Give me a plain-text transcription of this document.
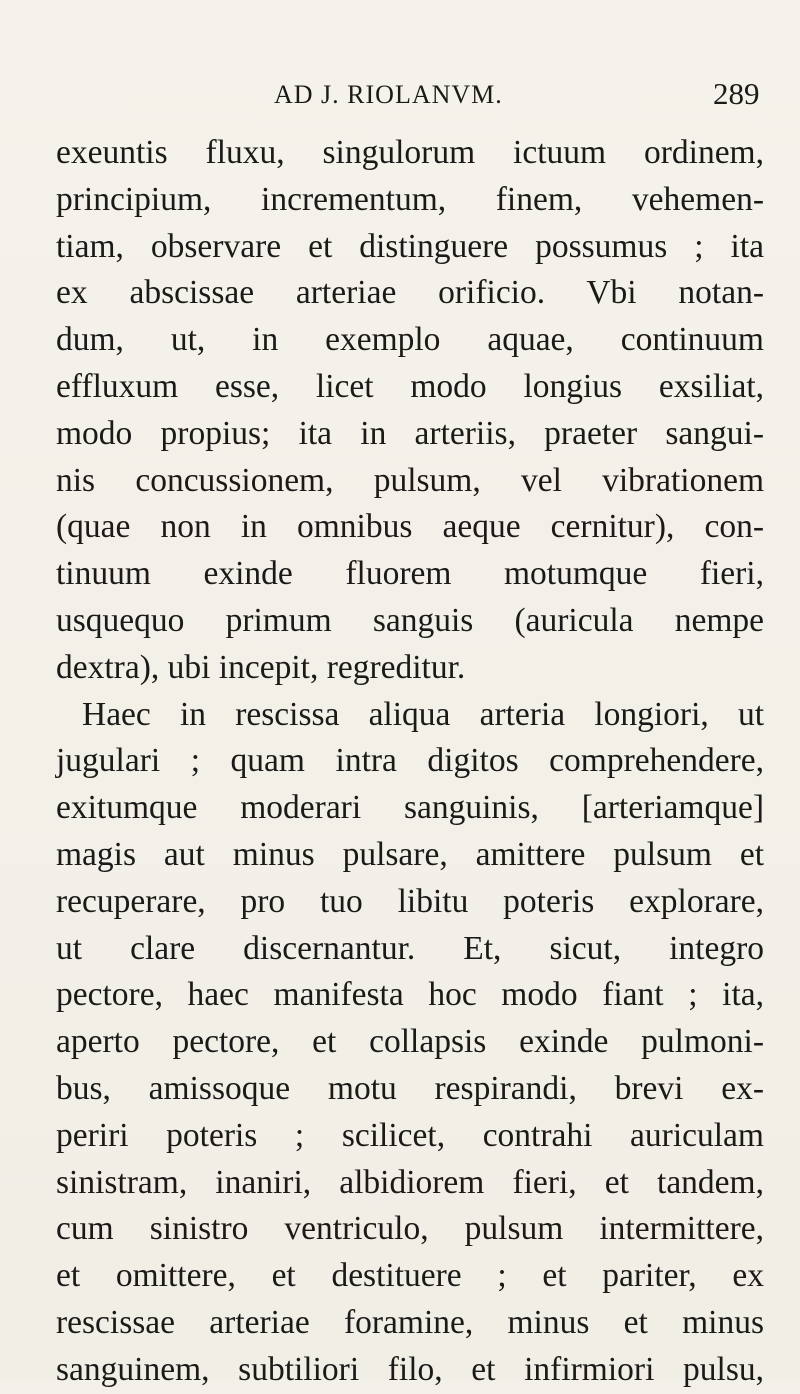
AD J. RIOLANVM.	289
exeuntis fluxu, singulorum ictuum ordinem,
principium, incrementum, finem, vehemen-
tiam, observare et distinguere possumus ; ita
ex abscissae arteriae orificio. Vbi notan-
dum, ut, in exemplo aquae, continuum
effluxum esse, licet modo longius exsiliat,
modo propius; ita in arteriis, praeter sangui-
nis concussionem, pulsum, vel vibrationem
(quae non in omnibus aeque cernitur), con-
tinuum exinde fluorem motumque fieri,
usquequo primum sanguis (auricula nempe
dextra), ubi incepit, regreditur.
Haec in rescissa aliqua arteria longiori, ut
jugulari ; quam intra digitos comprehendere,
exitumque moderari sanguinis, [arteriamque]
magis aut minus pulsare, amittere pulsum et
recuperare, pro tuo libitu poteris explorare,
ut clare discernantur. Et, sicut, integro
pectore, haec manifesta hoc modo fiant ; ita,
aperto pectore, et collapsis exinde pulmoni-
bus, amissoque motu respirandi, brevi ex-
periri poteris ; scilicet, contrahi auriculam
sinistram, inaniri, albidiorem fieri, et tandem,
cum sinistro ventriculo, pulsum intermittere,
et omittere, et destituere ; et pariter, ex
rescissae arteriae foramine, minus et minus
sanguinem, subtiliori filo, et infirmiori pulsu,
